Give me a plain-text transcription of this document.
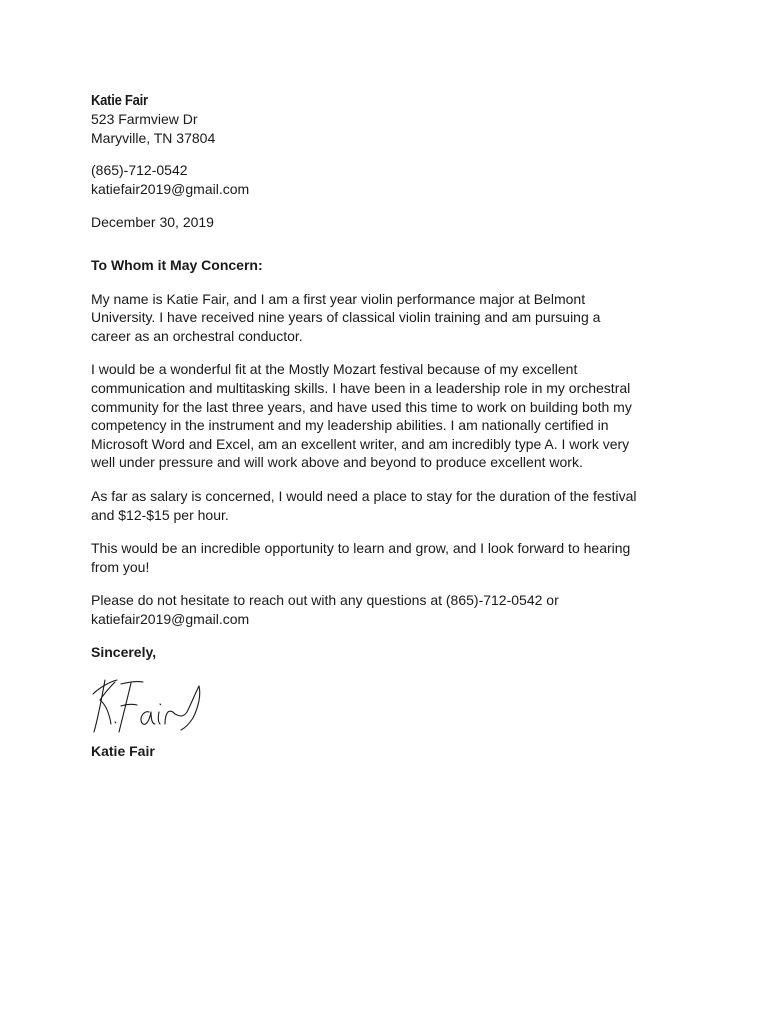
Katie Fair
523 Farmview Dr
Maryville, TN 37804
(865)-712-0542
katiefair2019@gmail.com
December 30, 2019
To Whom it May Concern:

My name is Katie Fair, and I am a first year violin performance major at Belmont
University. I have received nine years of classical violin training and am pursuing a
career as an orchestral conductor.

I would be a wonderful fit at the Mostly Mozart festival because of my excellent
communication and multitasking skills. I have been in a leadership role in my orchestral
community for the last three years, and have used this time to work on building both my
competency in the instrument and my leadership abilities. I am nationally certified in
Microsoft Word and Excel, am an excellent writer, and am incredibly type A. I work very
well under pressure and will work above and beyond to produce excellent work.

As far as salary is concerned, I would need a place to stay for the duration of the festival
and $12-$15 per hour.

This would be an incredible opportunity to learn and grow, and I look forward to hearing
from you!

Please do not hesitate to reach out with any questions at (865)-712-0542 or
katiefair2019@gmail.com

Sincerely,
Katie Fair
